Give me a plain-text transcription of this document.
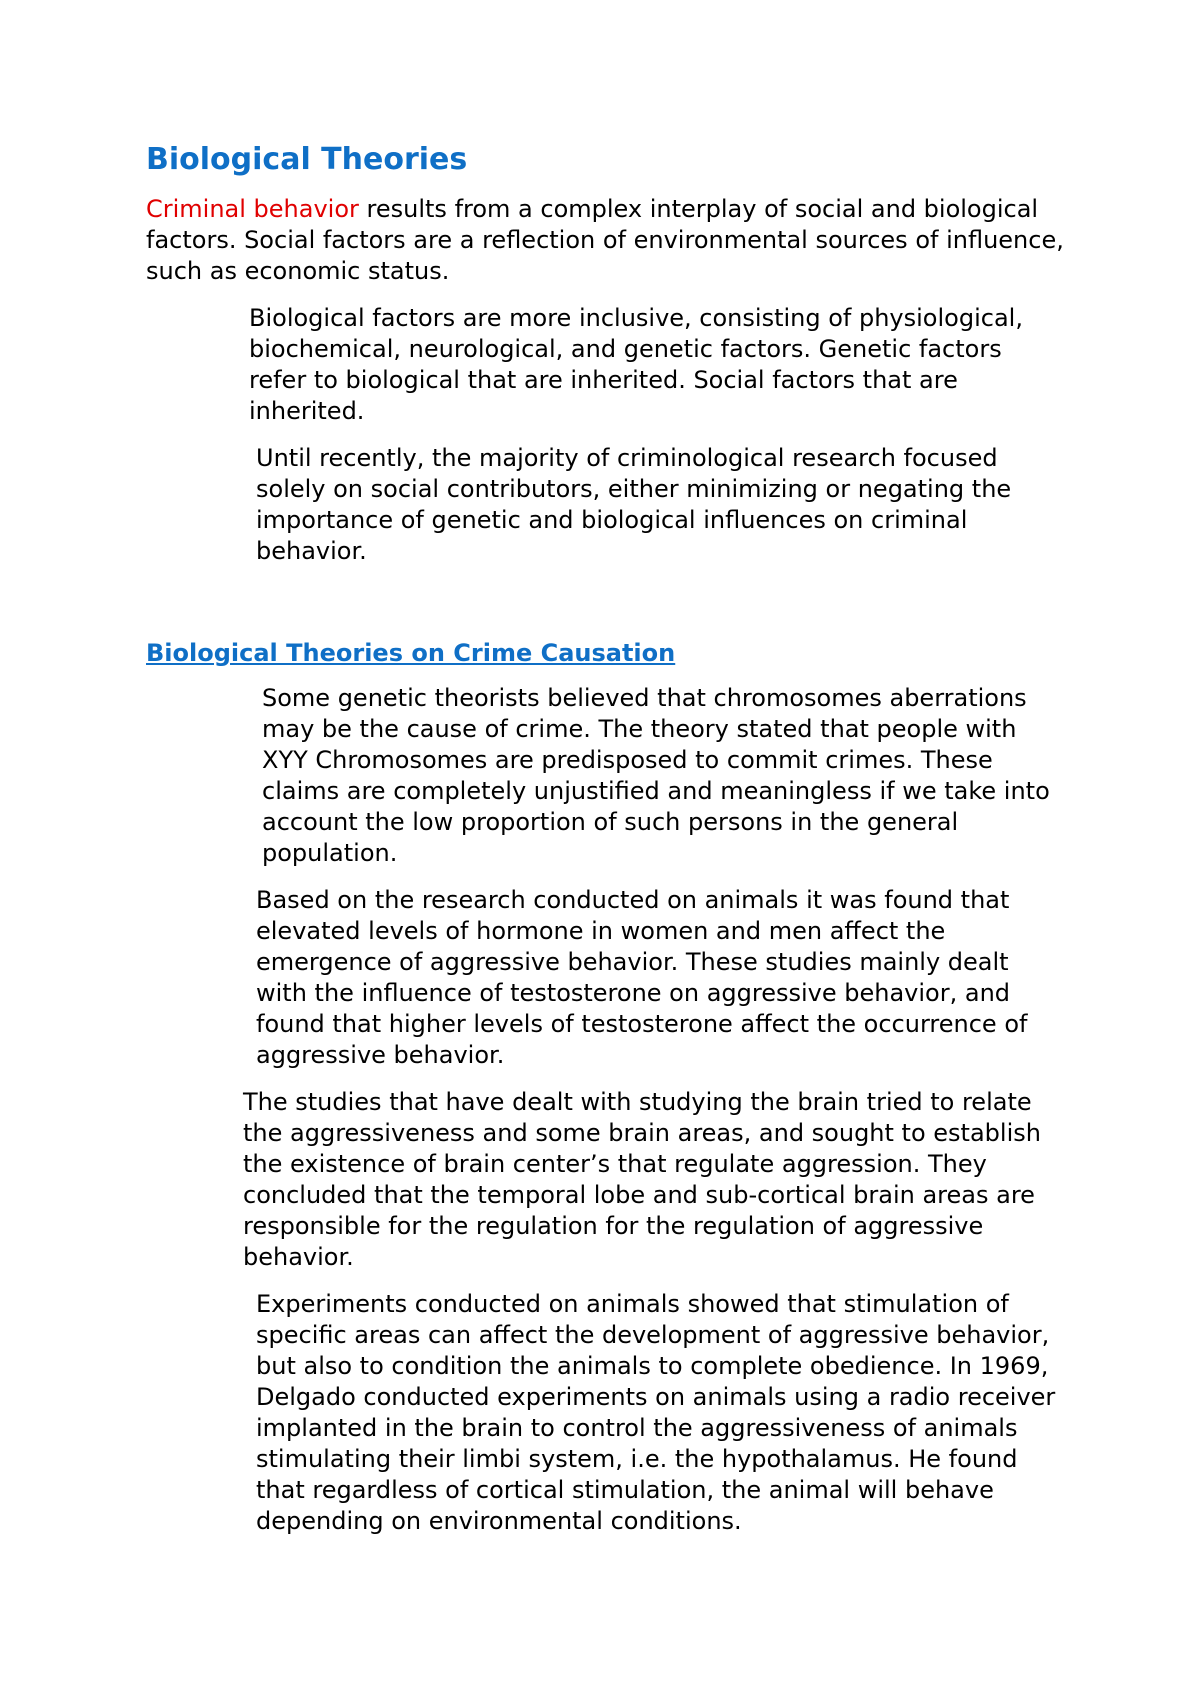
Biological Theories

Criminal behavior results from a complex interplay of social and biological factors. Social factors are a reflection of environmental sources of influence, such as economic status.

Biological factors are more inclusive, consisting of physiological, biochemical, neurological, and genetic factors. Genetic factors refer to biological that are inherited. Social factors that are inherited.

Until recently, the majority of criminological research focused solely on social contributors, either minimizing or negating the importance of genetic and biological influences on criminal behavior.

Biological Theories on Crime Causation

Some genetic theorists believed that chromosomes aberrations may be the cause of crime. The theory stated that people with XYY Chromosomes are predisposed to commit crimes. These claims are completely unjustified and meaningless if we take into account the low proportion of such persons in the general population.

Based on the research conducted on animals it was found that elevated levels of hormone in women and men affect the emergence of aggressive behavior. These studies mainly dealt with the influence of testosterone on aggressive behavior, and found that higher levels of testosterone affect the occurrence of aggressive behavior.

The studies that have dealt with studying the brain tried to relate the aggressiveness and some brain areas, and sought to establish the existence of brain center’s that regulate aggression. They concluded that the temporal lobe and sub-cortical brain areas are responsible for the regulation for the regulation of aggressive behavior.

Experiments conducted on animals showed that stimulation of specific areas can affect the development of aggressive behavior, but also to condition the animals to complete obedience. In 1969, Delgado conducted experiments on animals using a radio receiver implanted in the brain to control the aggressiveness of animals stimulating their limbi system, i.e. the hypothalamus. He found that regardless of cortical stimulation, the animal will behave depending on environmental conditions.
